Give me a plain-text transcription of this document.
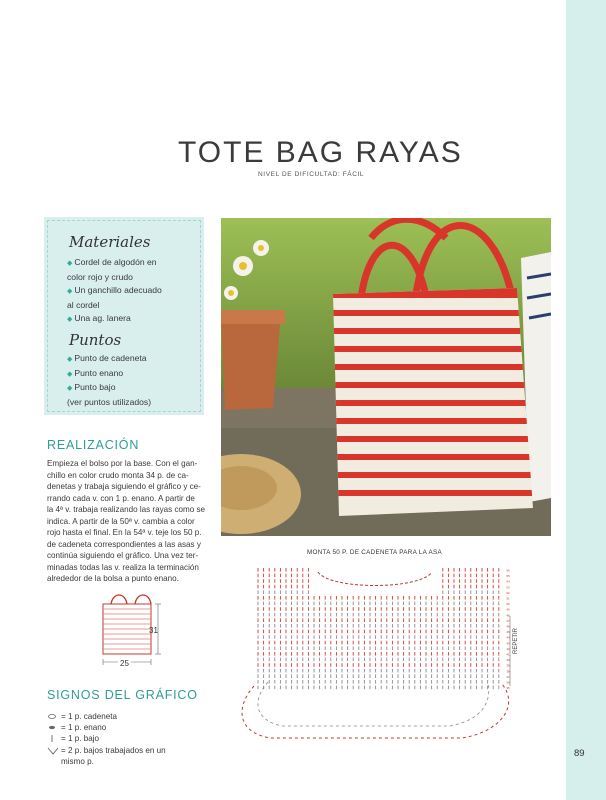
TOTE BAG RAYAS
NIVEL DE DIFICULTAD: FÁCIL
Materiales
◆ Cordel de algodón en
color rojo y crudo
◆ Un ganchillo adecuado
al cordel
◆ Una ag. lanera
Puntos
◆ Punto de cadeneta
◆ Punto enano
◆ Punto bajo
(ver puntos utilizados)
REALIZACIÓN
Empieza el bolso por la base. Con el gan-
chillo en color crudo monta 34 p. de ca-
denetas y trabaja siguiendo el gráfico y ce-
rrando cada v. con 1 p. enano. A partir de
la 4ª v. trabaja realizando las rayas como se
indica. A partir de la 50ª v. cambia a color
rojo hasta el final. En la 54ª v. teje los 50 p.
de cadeneta correspondientes a las asas y
continúa siguiendo el gráfico. Una vez ter-
minadas todas las v. realiza la terminación
alrededor de la bolsa a punto enano.
31
25
SIGNOS DEL GRÁFICO
= 1 p. cadeneta
= 1 p. enano
= 1 p. bajo
= 2 p. bajos trabajados en un
mismo p.
MONTA 50 P. DE CADENETA PARA LA ASA
56
55
54
53
52
51
50
49
48
47
46
45
44
43
42
41
40
39
38
37
36
35
REPETIR
89
